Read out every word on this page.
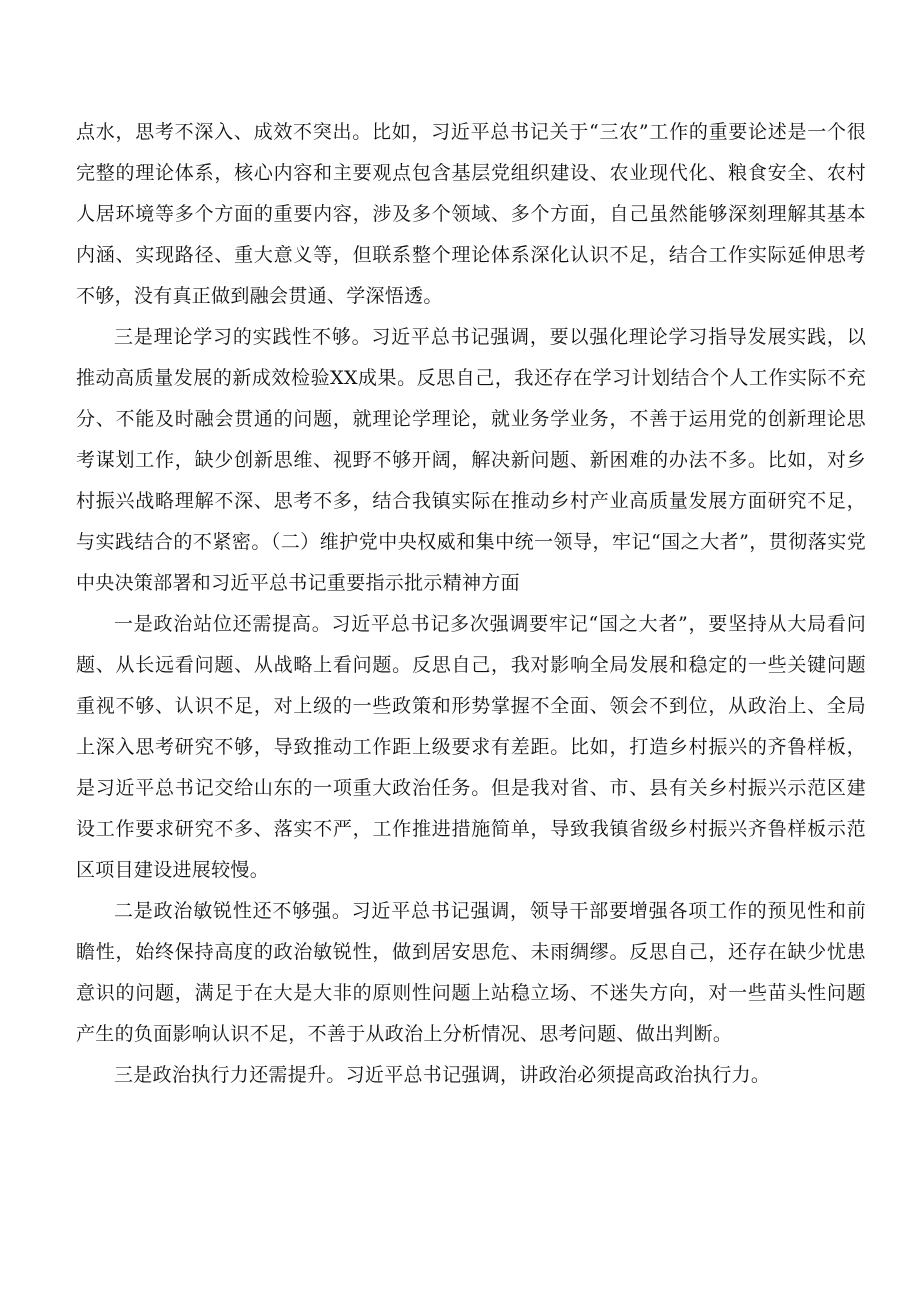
点水，思考不深入、成效不突出。比如，习近平总书记关于“三农”工作的重要论述是一个很完整的理论体系，核心内容和主要观点包含基层党组织建设、农业现代化、粮食安全、农村人居环境等多个方面的重要内容，涉及多个领域、多个方面，自己虽然能够深刻理解其基本内涵、实现路径、重大意义等，但联系整个理论体系深化认识不足，结合工作实际延伸思考不够，没有真正做到融会贯通、学深悟透。

三是理论学习的实践性不够。习近平总书记强调，要以强化理论学习指导发展实践，以推动高质量发展的新成效检验XX成果。反思自己，我还存在学习计划结合个人工作实际不充分、不能及时融会贯通的问题，就理论学理论，就业务学业务，不善于运用党的创新理论思考谋划工作，缺少创新思维、视野不够开阔，解决新问题、新困难的办法不多。比如，对乡村振兴战略理解不深、思考不多，结合我镇实际在推动乡村产业高质量发展方面研究不足，与实践结合的不紧密。（二）维护党中央权威和集中统一领导，牢记“国之大者”，贯彻落实党中央决策部署和习近平总书记重要指示批示精神方面

一是政治站位还需提高。习近平总书记多次强调要牢记“国之大者”，要坚持从大局看问题、从长远看问题、从战略上看问题。反思自己，我对影响全局发展和稳定的一些关键问题重视不够、认识不足，对上级的一些政策和形势掌握不全面、领会不到位，从政治上、全局上深入思考研究不够，导致推动工作距上级要求有差距。比如，打造乡村振兴的齐鲁样板，是习近平总书记交给山东的一项重大政治任务。但是我对省、市、县有关乡村振兴示范区建设工作要求研究不多、落实不严，工作推进措施简单，导致我镇省级乡村振兴齐鲁样板示范区项目建设进展较慢。

二是政治敏锐性还不够强。习近平总书记强调，领导干部要增强各项工作的预见性和前瞻性，始终保持高度的政治敏锐性，做到居安思危、未雨绸缪。反思自己，还存在缺少忧患意识的问题，满足于在大是大非的原则性问题上站稳立场、不迷失方向，对一些苗头性问题产生的负面影响认识不足，不善于从政治上分析情况、思考问题、做出判断。

三是政治执行力还需提升。习近平总书记强调，讲政治必须提高政治执行力。
